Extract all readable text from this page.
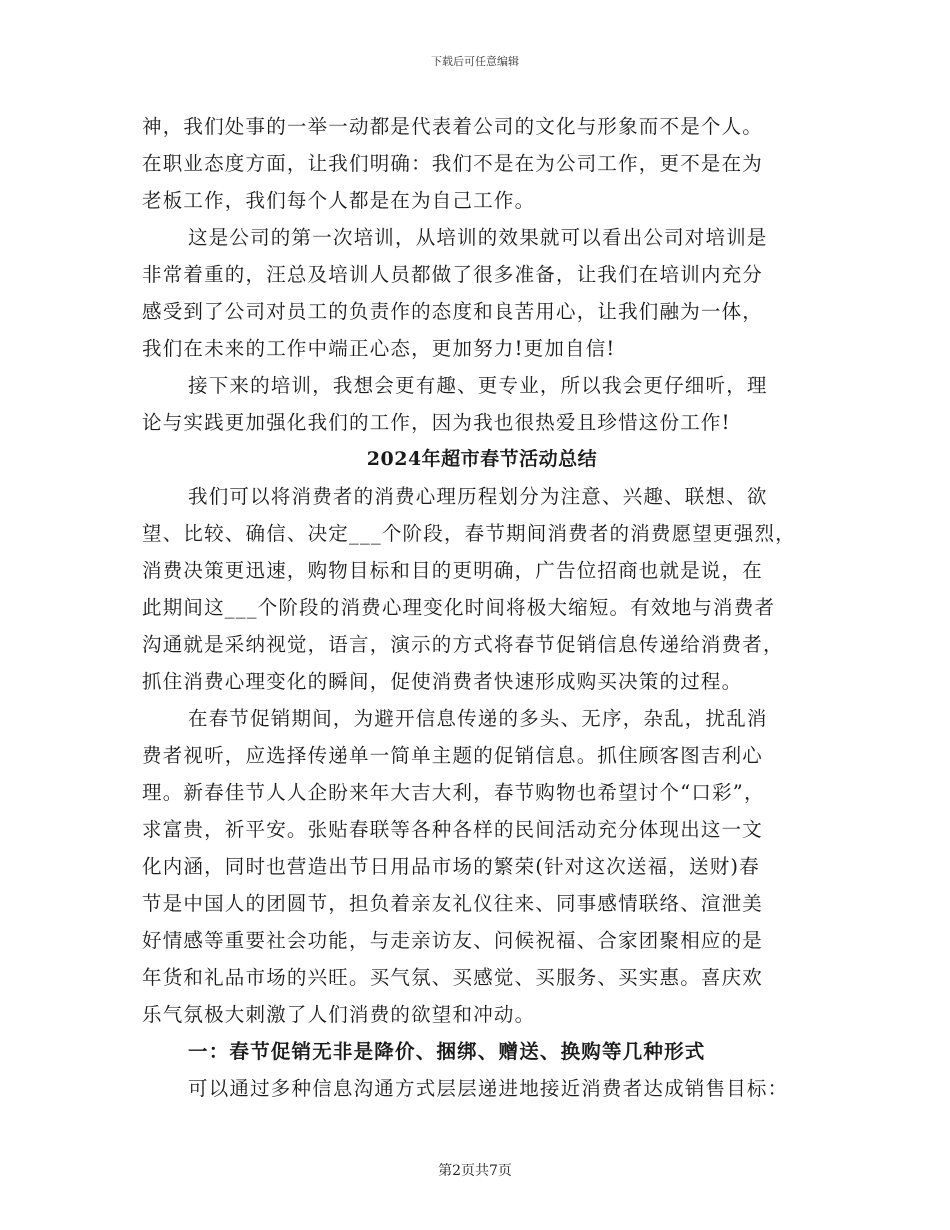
下载后可任意编辑
神，我们处事的一举一动都是代表着公司的文化与形象而不是个人。
在职业态度方面，让我们明确：我们不是在为公司工作，更不是在为
老板工作，我们每个人都是在为自己工作。
这是公司的第一次培训，从培训的效果就可以看出公司对培训是
非常着重的，汪总及培训人员都做了很多准备，让我们在培训内充分
感受到了公司对员工的负责作的态度和良苦用心，让我们融为一体，
我们在未来的工作中端正心态，更加努力!更加自信!
接下来的培训，我想会更有趣、更专业，所以我会更仔细听，理
论与实践更加强化我们的工作，因为我也很热爱且珍惜这份工作!
2024年超市春节活动总结
我们可以将消费者的消费心理历程划分为注意、兴趣、联想、欲
望、比较、确信、决定___个阶段，春节期间消费者的消费愿望更强烈，
消费决策更迅速，购物目标和目的更明确，广告位招商也就是说，在
此期间这___个阶段的消费心理变化时间将极大缩短。有效地与消费者
沟通就是采纳视觉，语言，演示的方式将春节促销信息传递给消费者，
抓住消费心理变化的瞬间，促使消费者快速形成购买决策的过程。
在春节促销期间，为避开信息传递的多头、无序，杂乱，扰乱消
费者视听，应选择传递单一简单主题的促销信息。抓住顾客图吉利心
理。新春佳节人人企盼来年大吉大利，春节购物也希望讨个“口彩”，
求富贵，祈平安。张贴春联等各种各样的民间活动充分体现出这一文
化内涵，同时也营造出节日用品市场的繁荣(针对这次送福，送财)春
节是中国人的团圆节，担负着亲友礼仪往来、同事感情联络、渲泄美
好情感等重要社会功能，与走亲访友、问候祝福、合家团聚相应的是
年货和礼品市场的兴旺。买气氛、买感觉、买服务、买实惠。喜庆欢
乐气氛极大刺激了人们消费的欲望和冲动。
一：春节促销无非是降价、捆绑、赠送、换购等几种形式
可以通过多种信息沟通方式层层递进地接近消费者达成销售目标：
第2页共7页
